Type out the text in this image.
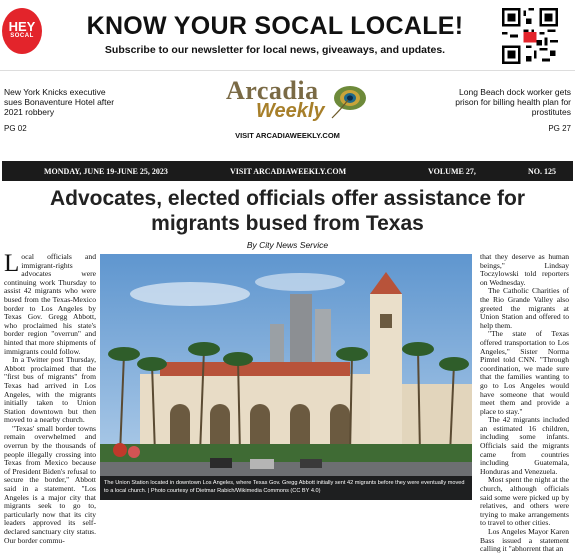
HEY
SOCAL	KNOW YOUR SOCAL LOCALE!
Subscribe to our newsletter for local news, giveaways, and updates.
New York Knicks executive sues Bonaventure Hotel after 2021 robbery
PG 02
Long Beach dock worker gets prison for billing health plan for prostitutes
PG 27
Arcadia
Weekly
VISIT ARCADIAWEEKLY.COM
MONDAY, JUNE 19-JUNE 25, 2023	VISIT ARCADIAWEEKLY.COM	VOLUME 27,	NO. 125
Advocates, elected officials offer assistance for migrants bused from Texas
By City News Service

Local officials and immigrant-rights advocates were continuing work Thursday to assist 42 migrants who were bused from the Texas-Mexico border to Los Angeles by Texas Gov. Gregg Abbott, who proclaimed his state's border region "overrun" and hinted that more shipments of immigrants could follow.

In a Twitter post Thursday, Abbott proclaimed that the "first bus of migrants" from Texas had arrived in Los Angeles, with the migrants initially taken to Union Station downtown but then moved to a nearby church.

"Texas' small border towns remain overwhelmed and overrun by the thousands of people illegally crossing into Texas from Mexico because of President Biden's refusal to secure the border," Abbott said in a statement. "Los Angeles is a major city that migrants seek to go to, particularly now that its city leaders approved its self-declared sanctuary city status. Our border commu-

The Union Station located in downtown Los Angeles, where Texas Gov. Gregg Abbott initially sent 42 migrants before they were eventually moved to a local church. | Photo courtesy of Dietmar Rabich/Wikimedia Commons (CC BY 4.0)

that they deserve as human beings," Lindsay Toczylowski told reporters on Wednesday.

The Catholic Charities of the Rio Grande Valley also greeted the migrants at Union Station and offered to help them.

"The state of Texas offered transportation to Los Angeles," Sister Norma Pimtel told CNN. "Through coordination, we made sure that the families wanting to go to Los Angeles would have someone that would meet them and provide a place to stay."

The 42 migrants included an estimated 16 children, including some infants. Officials said the migrants came from countries including Guatemala, Honduras and Venezuela.

Most spent the night at the church, although officials said some were picked up by relatives, and others were trying to make arrangements to travel to other cities.

Los Angeles Mayor Karen Bass issued a statement calling it "abhorrent that an
